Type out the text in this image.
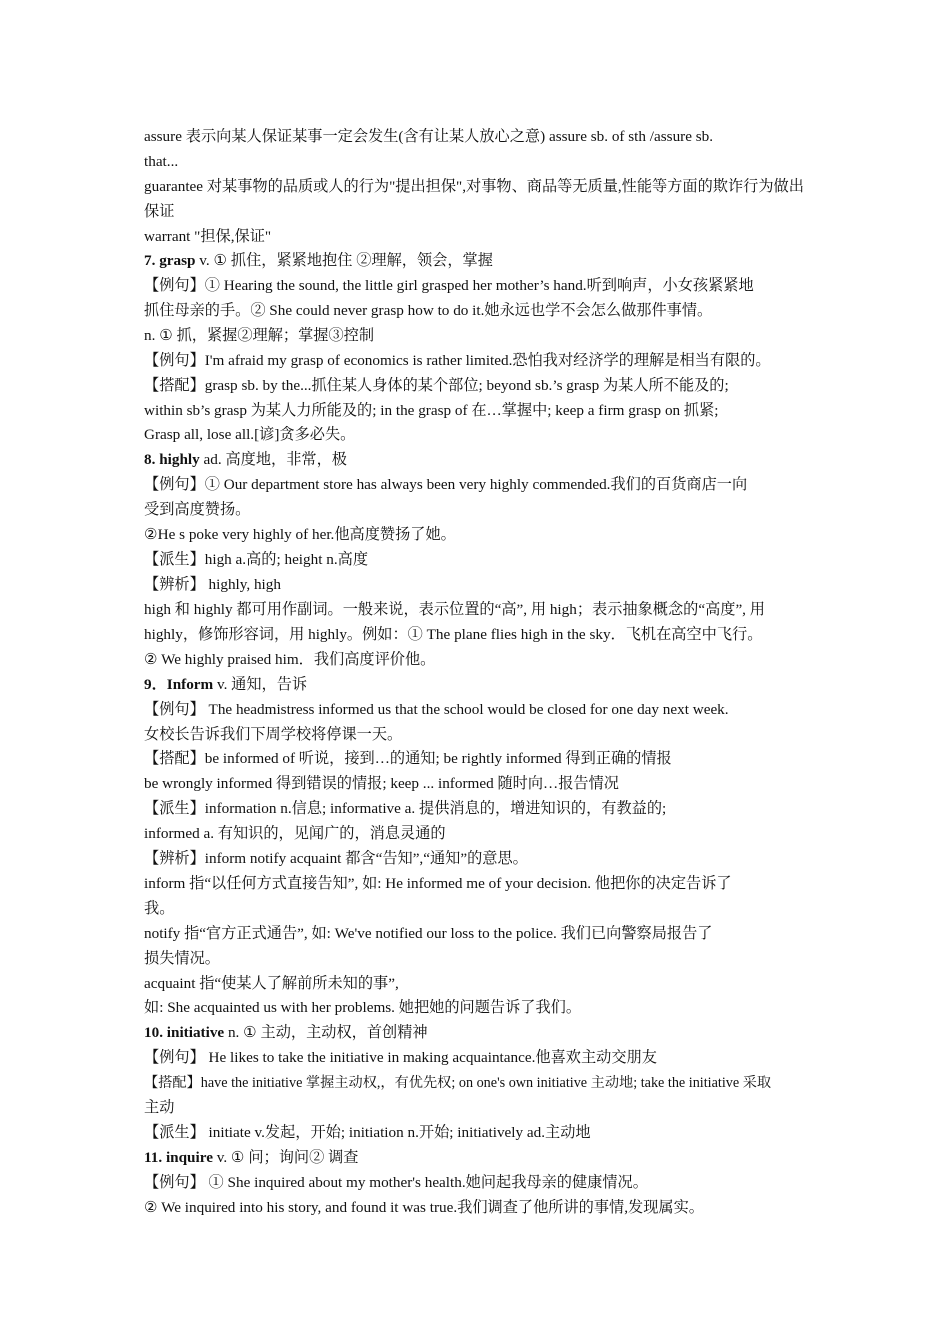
assure 表示向某人保证某事一定会发生(含有让某人放心之意) assure sb. of sth /assure sb.
that...
guarantee 对某事物的品质或人的行为"提出担保",对事物、商品等无质量,性能等方面的欺诈行为做出
保证
warrant "担保,保证"
7. grasp v. ① 抓住，紧紧地抱住 ②理解，领会，掌握
【例句】① Hearing the sound, the little girl grasped her mother’s hand.听到响声，小女孩紧紧地
抓住母亲的手。② She could never grasp how to do it.她永远也学不会怎么做那件事情。
n. ① 抓，紧握②理解；掌握③控制
【例句】I'm afraid my grasp of economics is rather limited.恐怕我对经济学的理解是相当有限的。
【搭配】grasp sb. by the...抓住某人身体的某个部位; beyond sb.’s grasp 为某人所不能及的;
within sb’s grasp 为某人力所能及的; in the grasp of 在…掌握中; keep a firm grasp on 抓紧;
Grasp all, lose all.[谚]贪多必失。
8. highly ad. 高度地，非常，极
【例句】① Our department store has always been very highly commended.我们的百货商店一向
受到高度赞扬。
②He s poke very highly of her.他高度赞扬了她。
【派生】high a.高的; height n.高度
【辨析】 highly, high
high 和 highly 都可用作副词。一般来说，表示位置的“高”, 用 high；表示抽象概念的“高度”, 用
highly，修饰形容词，用 highly。例如：① The plane flies high in the sky．飞机在高空中飞行。
② We highly praised him．我们高度评价他。
9．Inform v. 通知，告诉
【例句】 The headmistress informed us that the school would be closed for one day next week.
女校长告诉我们下周学校将停课一天。
【搭配】be informed of 听说，接到…的通知; be rightly informed 得到正确的情报
be wrongly informed 得到错误的情报; keep ... informed 随时向…报告情况
【派生】information n.信息; informative a. 提供消息的，增进知识的，有教益的;
informed a. 有知识的，见闻广的，消息灵通的
【辨析】inform notify acquaint 都含“告知”,“通知”的意思。
inform 指“以任何方式直接告知”, 如: He informed me of your decision. 他把你的决定告诉了
我。
notify 指“官方正式通告”, 如: We've notified our loss to the police. 我们已向警察局报告了
损失情况。
acquaint 指“使某人了解前所未知的事”,
如: She acquainted us with her problems. 她把她的问题告诉了我们。
10. initiative n. ① 主动，主动权，首创精神
【例句】 He likes to take the initiative in making acquaintance.他喜欢主动交朋友
【搭配】have the initiative 掌握主动权,，有优先权; on one's own initiative 主动地; take the initiative 采取
主动
【派生】 initiate v.发起，开始; initiation n.开始; initiatively ad.主动地
11. inquire v. ① 问；询问② 调查
【例句】 ① She inquired about my mother's health.她问起我母亲的健康情况。
② We inquired into his story, and found it was true.我们调查了他所讲的事情,发现属实。
